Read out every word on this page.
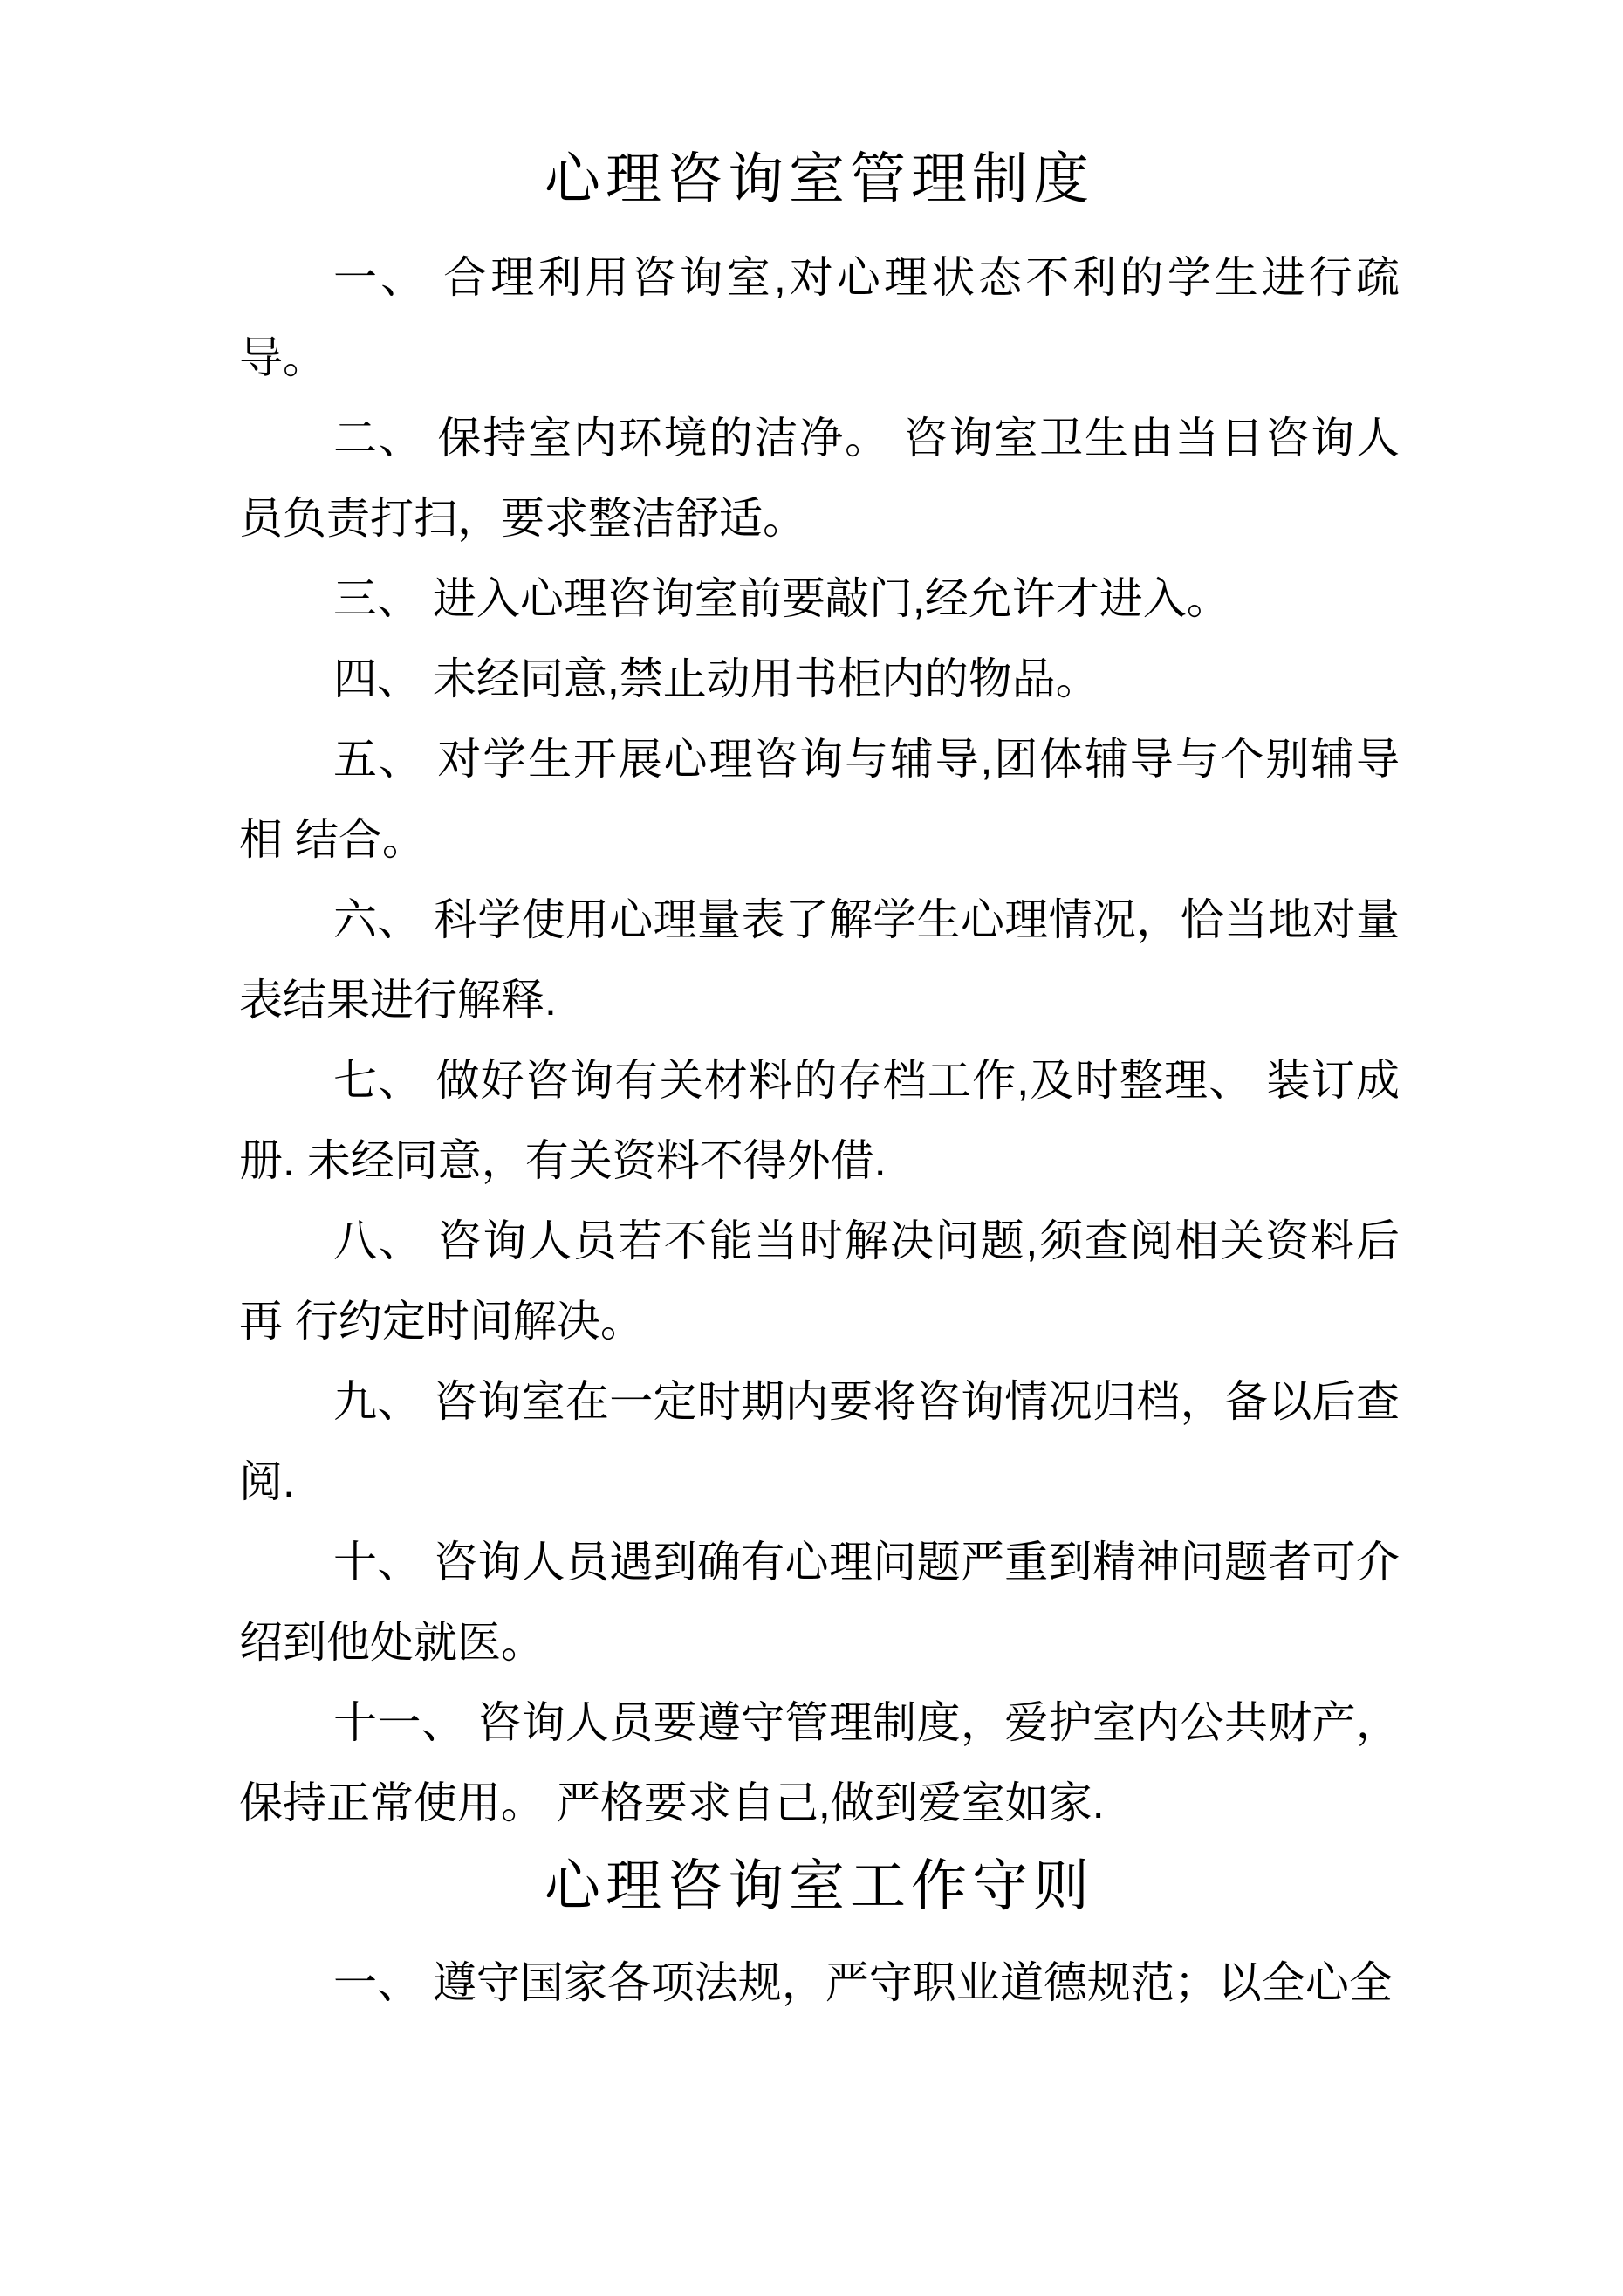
心理咨询室管理制度

一、 合理利用咨询室,对心理状态不利的学生进行疏导。

二、 保持室内环境的洁净。 咨询室卫生由当日咨询人员负责打扫，要求整洁舒适。

三、 进入心理咨询室前要敲门,经允许才进入。

四、 未经同意,禁止动用书柜内的物品。

五、 对学生开展心理咨询与辅导,团体辅导与个别辅导相 结合。

六、 科学使用心理量表了解学生心理情况，恰当地对量表结果进行解释.

七、 做好咨询有关材料的存档工作,及时整理、 装订成册. 未经同意，有关资料不得外借.

八、 咨询人员若不能当时解决问题,须查阅相关资料后再 行约定时间解决。

九、 咨询室在一定时期内要将咨询情况归档，备以后查阅.

十、 咨询人员遇到确有心理问题严重到精神问题者可介绍到他处就医。

十一、 咨询人员要遵守管理制度，爱护室内公共财产，保持正常使用。 严格要求自己,做到爱室如家.

心理咨询室工作守则

一、 遵守国家各项法规，严守职业道德规范；以全心全
